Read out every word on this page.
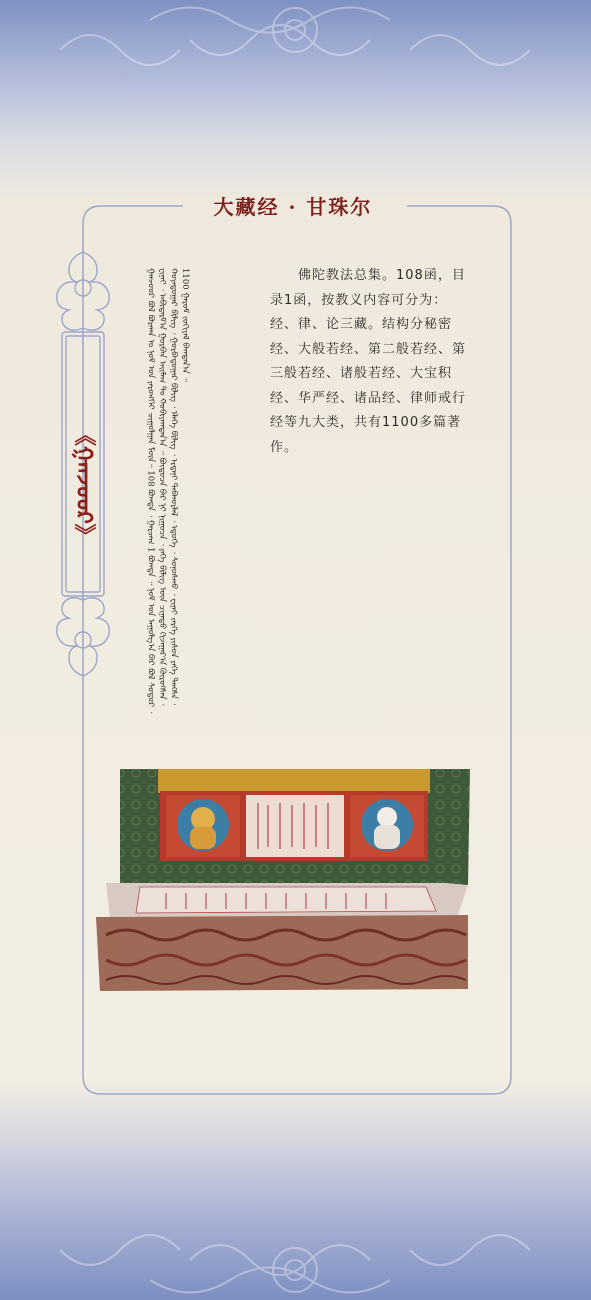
大藏经 · 甘珠尔
《ᠭᠠᠨᠵᠤᠤᠷ》	ᠭᠠᠨᠵᠤᠤᠷ ᠪᠣᠯ ᠪᠤᠷᠬᠠᠨ ᠤ ᠨᠣᠮ ᠤᠨ ᠶᠡᠷᠦᠩᠬᠡᠢ ᠴᠢᠭᠤᠯᠭᠠᠨ ᠮᠥᠨ᠃ 108 ᠪᠣᠭᠳᠠ ᠂ ᠭᠠᠷᠴᠠᠭ 1 ᠪᠣᠭᠳᠠ ᠃ ᠨᠣᠮ ᠤᠨ ᠠᠭᠤᠯᠭ᠎ᠠ ᠪᠠᠷ ᠪᠣᠯ ᠰᠤᠲᠤᠷ ᠂ ᠸᠢᠨᠠᠢ ᠂ ᠠᠪᠢᠳᠠᠷᠮ᠎ᠠ ᠭᠤᠷᠪᠠᠨ ᠠᠢᠮᠠᠭ ᠲᠤ ᠬᠤᠪᠢᠶᠠᠭᠳᠠᠨ᠎ᠠ ᠃ ᠪᠦᠲᠦᠴᠡ ᠪᠠᠷ ᠨᠢ ᠨᠢᠭᠤᠴᠠ ᠂ ᠶᠡᠬᠡ ᠪᠢᠯᠢᠭ ᠦᠨ ᠴᠢᠨᠠᠳᠤ ᠬᠢᠵᠠᠭᠠᠷ᠎ᠠ ᠬᠦᠷᠦᠭᠰᠡᠨ ᠂ ᠬᠣᠶᠠᠳᠤᠭᠠᠷ ᠪᠢᠯᠢᠭ ᠂ ᠭᠤᠷᠪᠠᠳᠤᠭᠠᠷ ᠪᠢᠯᠢᠭ ᠂ ᠡᠯᠡᠭᠡ ᠪᠢᠯᠢᠭ ᠂ ᠡᠷᠳᠡᠨᠢ ᠳᠠᠪᠬᠤᠷᠯᠠᠯ ᠂ ᠡᠳᠦᠭᠡ ᠂ ᠰᠣᠨᠣᠰᠬᠤ ᠂ ᠸᠢᠨᠠᠢ ᠵᠡᠷᠭᠡ ᠶᠢᠰᠦᠨ ᠶᠡᠬᠡ ᠳᠠᠩᠰᠠ ᠂ 1100 ᠭᠠᠷᠤᠮ ᠵᠣᠬᠢᠶᠠᠯ ᠪᠠᠭᠳᠠᠨ᠎ᠠ ᠃	佛陀教法总集。108函，目录1函，按教义内容可分为：经、律、论三藏。结构分秘密经、大般若经、第二般若经、第三般若经、诸般若经、大宝积经、华严经、诸品经、律师戒行经等九大类，共有1100多篇著作。
